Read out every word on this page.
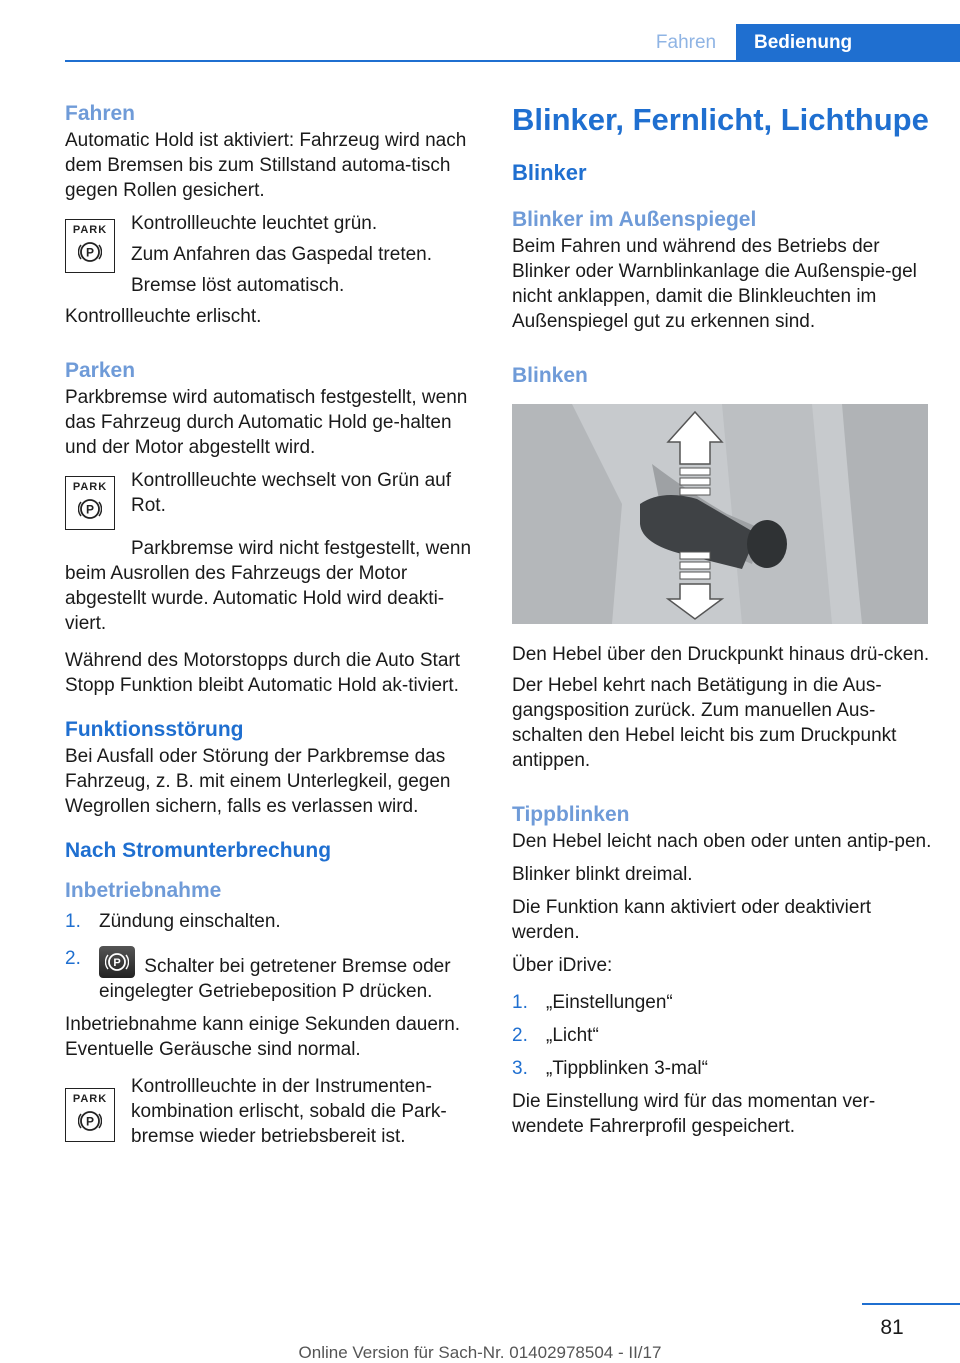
Fahren	Bedienung
Fahren

Automatic Hold ist aktiviert: Fahrzeug wird nach dem Bremsen bis zum Stillstand automa‐tisch gegen Rollen gesichert.

PARK
P

Kontrollleuchte leuchtet grün.

Zum Anfahren das Gaspedal treten.

Bremse löst automatisch.

Kontrollleuchte erlischt.

Parken

Parkbremse wird automatisch festgestellt, wenn das Fahrzeug durch Automatic Hold ge‐halten und der Motor abgestellt wird.

PARK
P

Kontrollleuchte wechselt von Grün auf Rot.

Parkbremse wird nicht festgestellt, wenn beim Ausrollen des Fahrzeugs der Motor abgestellt wurde. Automatic Hold wird deakti‐viert.

Während des Motorstopps durch die Auto Start Stopp Funktion bleibt Automatic Hold ak‐tiviert.

Funktionsstörung

Bei Ausfall oder Störung der Parkbremse das Fahrzeug, z. B. mit einem Unterlegkeil, gegen Wegrollen sichern, falls es verlassen wird.

Nach Stromunterbrechung
Inbetriebnahme
1. Zündung einschalten.
2.	P Schalter bei getretener Bremse oder eingelegter Getriebeposition P drücken.

Inbetriebnahme kann einige Sekunden dauern. Eventuelle Geräusche sind normal.

PARK
P

Kontrollleuchte in der Instrumenten‐kombination erlischt, sobald die Park‐bremse wieder betriebsbereit ist.

Blinker, Fernlicht, Lichthupe
Blinker
Blinker im Außenspiegel

Beim Fahren und während des Betriebs der Blinker oder Warnblinkanlage die Außenspie‐gel nicht anklappen, damit die Blinkleuchten im Außenspiegel gut zu erkennen sind.

Blinken

Den Hebel über den Druckpunkt hinaus drü‐cken.

Der Hebel kehrt nach Betätigung in die Aus‐gangsposition zurück. Zum manuellen Aus‐schalten den Hebel leicht bis zum Druckpunkt antippen.

Tippblinken

Den Hebel leicht nach oben oder unten antip‐pen.

Blinker blinkt dreimal.

Die Funktion kann aktiviert oder deaktiviert werden.

Über iDrive:

1. „Einstellungen“
2. „Licht“
3. „Tippblinken 3-mal“

Die Einstellung wird für das momentan ver‐wendete Fahrerprofil gespeichert.

81
Online Version für Sach-Nr. 01402978504 - II/17
